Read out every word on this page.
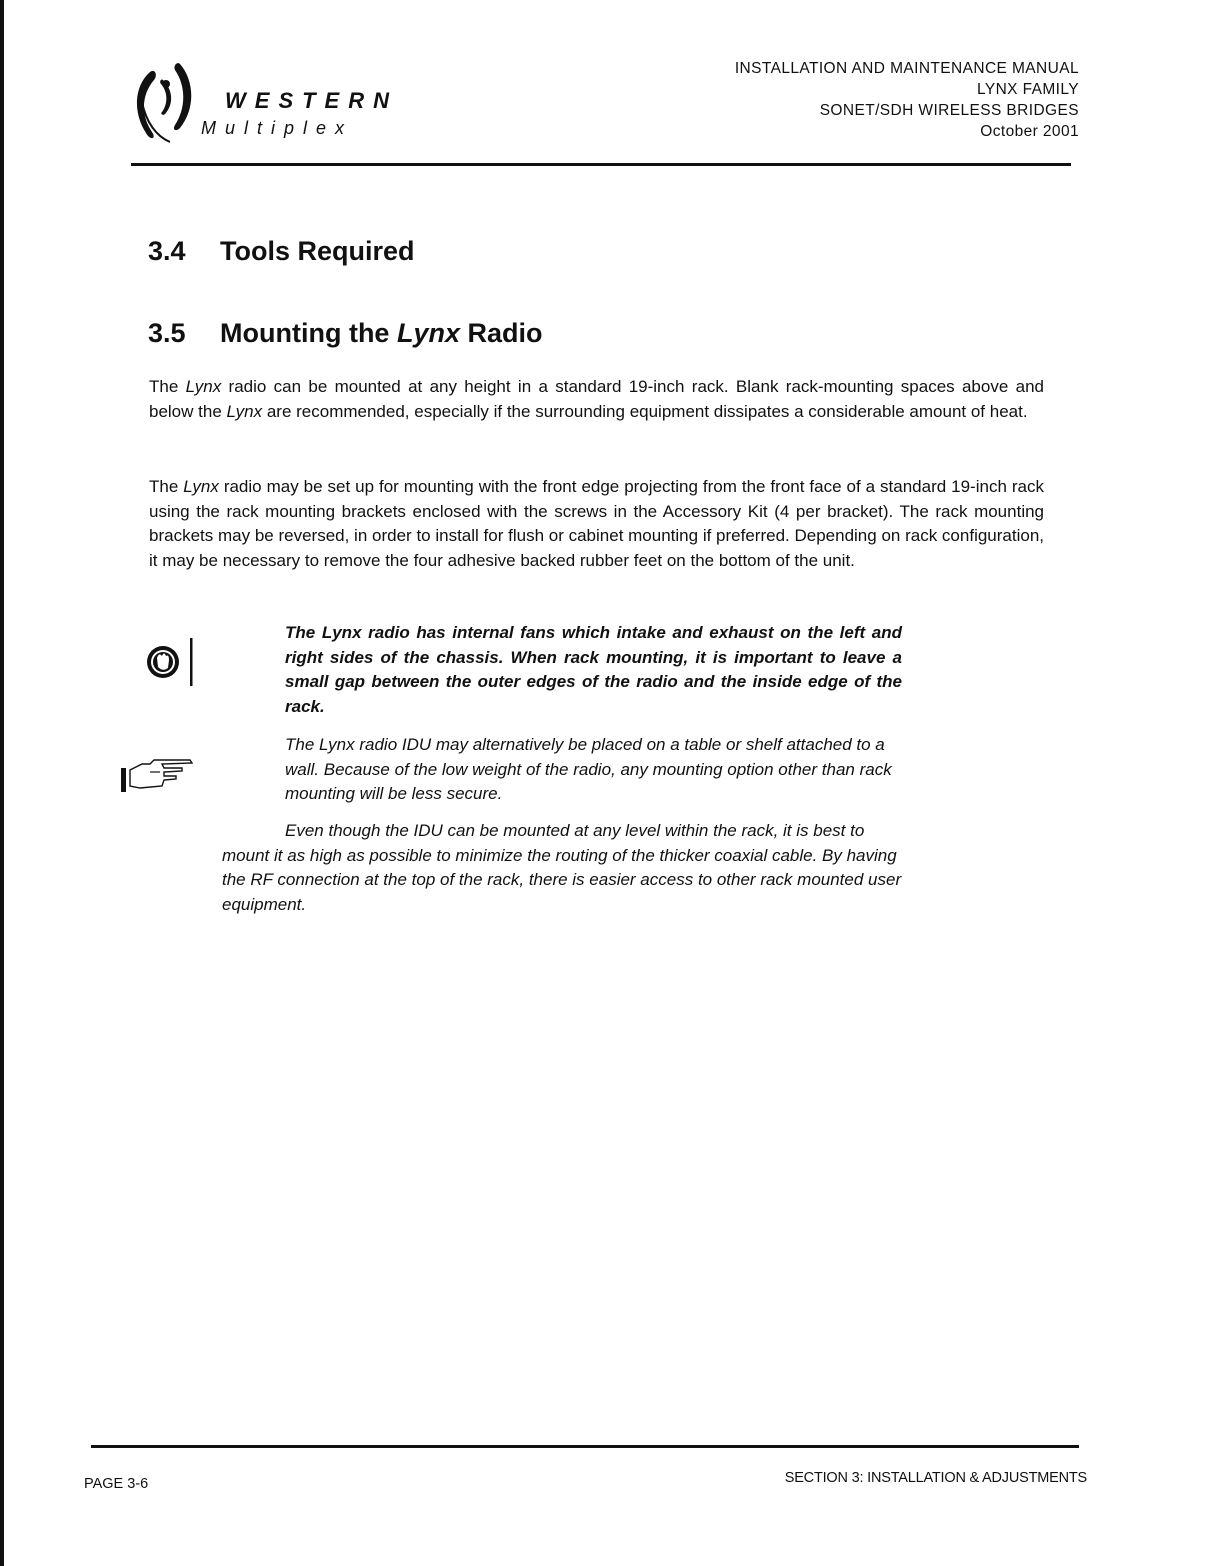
WESTERN
Multiplex
INSTALLATION AND MAINTENANCE MANUAL
LYNX FAMILY
SONET/SDH WIRELESS BRIDGES
October 2001
3.4 Tools Required
3.5 Mounting the Lynx Radio

The Lynx radio can be mounted at any height in a standard 19-inch rack. Blank rack-mounting spaces above and below the Lynx are recommended, especially if the surrounding equipment dissipates a considerable amount of heat.

The Lynx radio may be set up for mounting with the front edge projecting from the front face of a standard 19-inch rack using the rack mounting brackets enclosed with the screws in the Accessory Kit (4 per bracket). The rack mounting brackets may be reversed, in order to install for flush or cabinet mounting if preferred. Depending on rack configuration, it may be necessary to remove the four adhesive backed rubber feet on the bottom of the unit.

The Lynx radio has internal fans which intake and exhaust on the left and right sides of the chassis. When rack mounting, it is important to leave a small gap between the outer edges of the radio and the inside edge of the rack.

The Lynx radio IDU may alternatively be placed on a table or shelf attached to a wall. Because of the low weight of the radio, any mounting option other than rack mounting will be less secure.

Even though the IDU can be mounted at any level within the rack, it is best to mount it as high as possible to minimize the routing of the thicker coaxial cable. By having the RF connection at the top of the rack, there is easier access to other rack mounted user equipment.

PAGE 3-6	SECTION 3: INSTALLATION & ADJUSTMENTS
